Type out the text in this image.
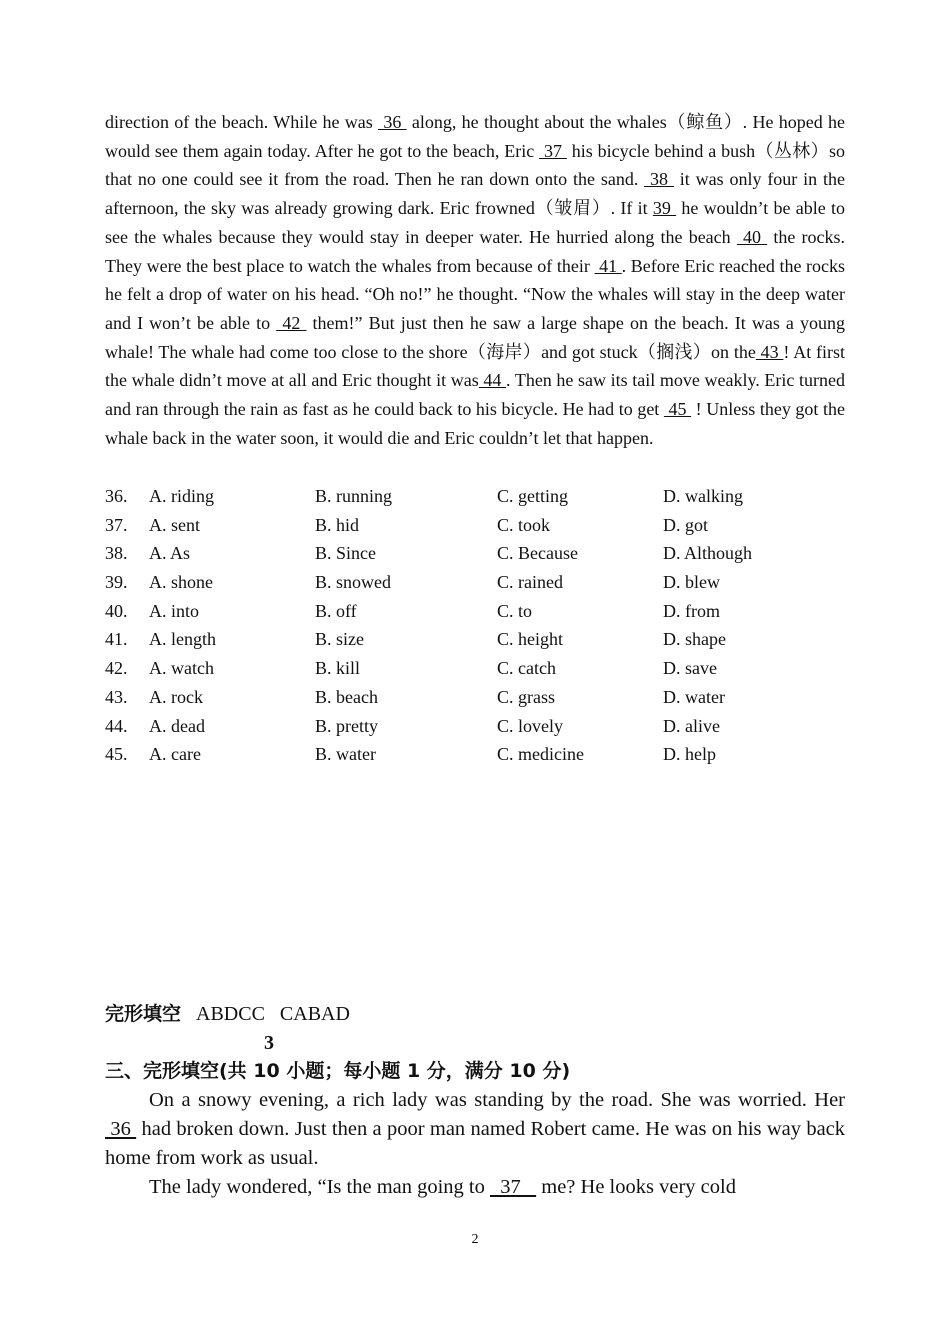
direction of the beach. While he was  36  along, he thought about the whales（鲸鱼）. He hoped he would see them again today. After he got to the beach, Eric  37  his bicycle behind a bush（丛林）so that no one could see it from the road. Then he ran down onto the sand.  38  it was only four in the afternoon, the sky was already growing dark. Eric frowned（皱眉）. If it 39  he wouldn’t be able to see the whales because they would stay in deeper water. He hurried along the beach  40  the rocks. They were the best place to watch the whales from because of their  41 . Before Eric reached the rocks he felt a drop of water on his head. “Oh no!” he thought. “Now the whales will stay in the deep water and I won’t be able to  42  them!” But just then he saw a large shape on the beach. It was a young whale! The whale had come too close to the shore（海岸）and got stuck（搁浅）on the 43 ! At first the whale didn’t move at all and Eric thought it was 44 . Then he saw its tail move weakly. Eric turned and ran through the rain as fast as he could back to his bicycle. He had to get  45  ! Unless they got the whale back in the water soon, it would die and Eric couldn’t let that happen.
36. A. riding	B. running	C. getting	D. walking
37. A. sent	B. hid	C. took	D. got
38. A. As	B. Since	C. Because	D. Although
39. A. shone	B. snowed	C. rained	D. blew
40. A. into	B. off	C. to	D. from
41. A. length	B. size	C. height	D. shape
42. A. watch	B. kill	C. catch	D. save
43. A. rock	B. beach	C. grass	D. water
44. A. dead	B. pretty	C. lovely	D. alive
45. A. care	B. water	C. medicine	D. help
完形填空 ABDCC CABAD
3
三、完形填空(共 10 小题；每小题 1 分，满分 10 分)

On a snowy evening, a rich lady was standing by the road. She was worried. Her  36  had broken down. Just then a poor man named Robert came. He was on his way back home from work as usual.

The lady wondered, “Is the man going to   37    me? He looks very cold

2
